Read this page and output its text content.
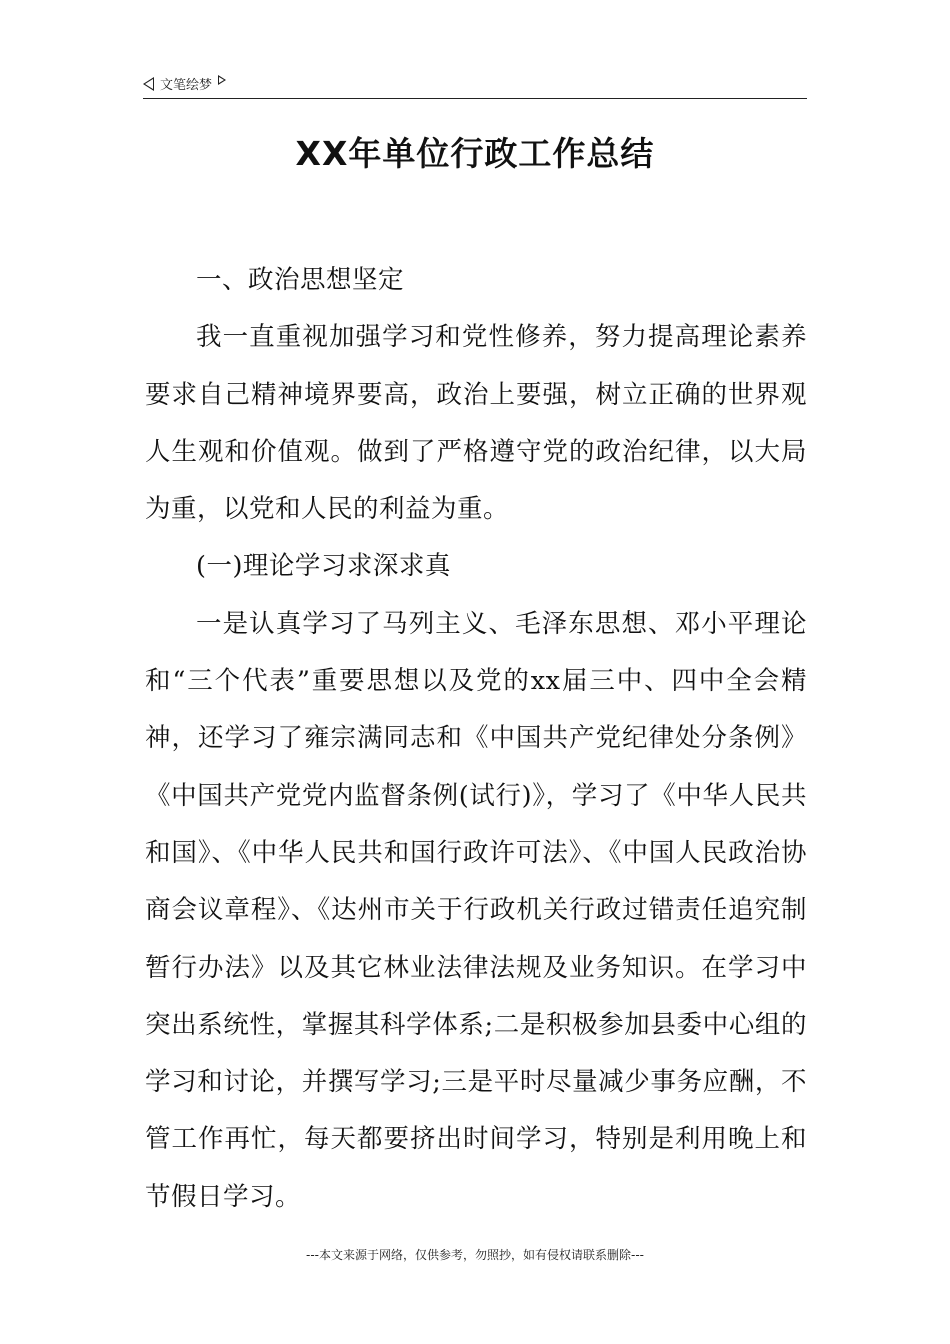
文笔绘梦
XX年单位行政工作总结

一、政治思想坚定

我一直重视加强学习和党性修养，努力提高理论素养要求自己精神境界要高，政治上要强，树立正确的世界观人生观和价值观。做到了严格遵守党的政治纪律，以大局为重，以党和人民的利益为重。

(一)理论学习求深求真

一是认真学习了马列主义、毛泽东思想、邓小平理论和“三个代表”重要思想以及党的xx届三中、四中全会精神，还学习了雍宗满同志和《中国共产党纪律处分条例》《中国共产党党内监督条例(试行)》，学习了《中华人民共和国》、《中华人民共和国行政许可法》、《中国人民政治协商会议章程》、《达州市关于行政机关行政过错责任追究制暂行办法》以及其它林业法律法规及业务知识。在学习中突出系统性，掌握其科学体系;二是积极参加县委中心组的学习和讨论，并撰写学习;三是平时尽量减少事务应酬，不管工作再忙，每天都要挤出时间学习，特别是利用晚上和节假日学习。

---本文来源于网络，仅供参考，勿照抄，如有侵权请联系删除---
